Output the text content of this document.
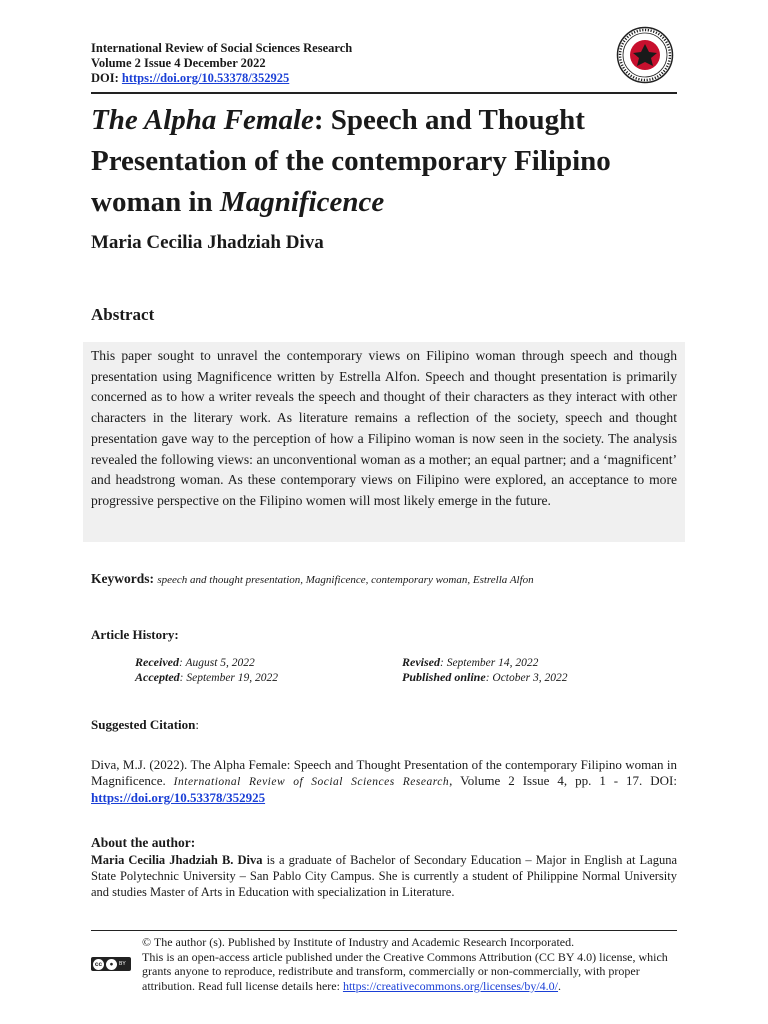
International Review of Social Sciences Research
Volume 2 Issue 4 December 2022
DOI: https://doi.org/10.53378/352925
The Alpha Female: Speech and Thought Presentation of the contemporary Filipino woman in Magnificence
Maria Cecilia Jhadziah Diva
Abstract

This paper sought to unravel the contemporary views on Filipino woman through speech and though presentation using Magnificence written by Estrella Alfon. Speech and thought presentation is primarily concerned as to how a writer reveals the speech and thought of their characters as they interact with other characters in the literary work. As literature remains a reflection of the society, speech and thought presentation gave way to the perception of how a Filipino woman is now seen in the society. The analysis revealed the following views: an unconventional woman as a mother; an equal partner; and a ‘magnificent’ and headstrong woman. As these contemporary views on Filipino were explored, an acceptance to more progressive perspective on the Filipino women will most likely emerge in the future.

Keywords: speech and thought presentation, Magnificence, contemporary woman, Estrella Alfon
Article History:
Received: August 5, 2022
Accepted: September 19, 2022
Revised: September 14, 2022
Published online: October 3, 2022
Suggested Citation:
Diva, M.J. (2022). The Alpha Female: Speech and Thought Presentation of the contemporary Filipino woman in Magnificence. International Review of Social Sciences Research, Volume 2 Issue 4, pp. 1 - 17. DOI: https://doi.org/10.53378/352925
About the author:
Maria Cecilia Jhadziah B. Diva is a graduate of Bachelor of Secondary Education – Major in English at Laguna State Polytechnic University – San Pablo City Campus. She is currently a student of Philippine Normal University and studies Master of Arts in Education with specialization in Literature.
cc	●	BY
© The author (s). Published by Institute of Industry and Academic Research Incorporated.
This is an open-access article published under the Creative Commons Attribution (CC BY 4.0) license, which grants anyone to reproduce, redistribute and transform, commercially or non-commercially, with proper attribution. Read full license details here: https://creativecommons.org/licenses/by/4.0/.
